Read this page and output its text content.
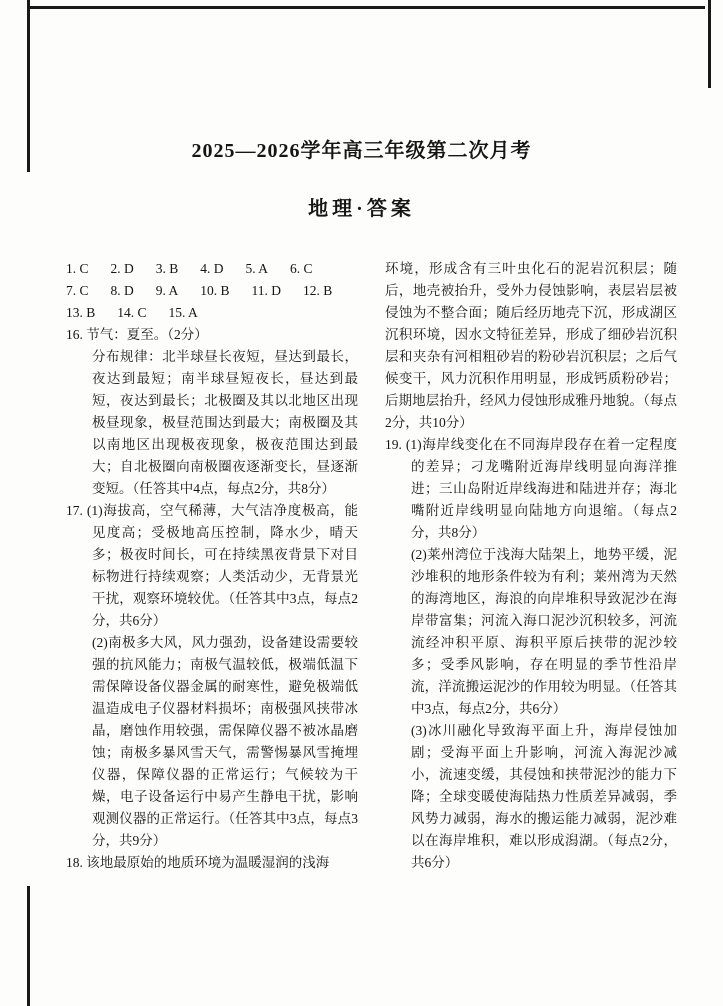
2025—2026学年高三年级第二次月考
地理·答案
1. C 2. D 3. B 4. D 5. A 6. C
7. C 8. D 9. A 10. B 11. D 12. B
13. B 14. C 15. A

16. 节气：夏至。（2分）

分布规律：北半球昼长夜短，昼达到最长，夜达到最短；南半球昼短夜长，昼达到最短，夜达到最长；北极圈及其以北地区出现极昼现象，极昼范围达到最大；南极圈及其以南地区出现极夜现象，极夜范围达到最大；自北极圈向南极圈夜逐渐变长，昼逐渐变短。（任答其中4点，每点2分，共8分）

17. (1)海拔高，空气稀薄，大气洁净度极高，能见度高；受极地高压控制，降水少，晴天多；极夜时间长，可在持续黑夜背景下对目标物进行持续观察；人类活动少，无背景光干扰，观察环境较优。（任答其中3点，每点2分，共6分）

(2)南极多大风，风力强劲，设备建设需要较强的抗风能力；南极气温较低，极端低温下需保障设备仪器金属的耐寒性，避免极端低温造成电子仪器材料损坏；南极强风挟带冰晶，磨蚀作用较强，需保障仪器不被冰晶磨蚀；南极多暴风雪天气，需警惕暴风雪掩埋仪器，保障仪器的正常运行；气候较为干燥，电子设备运行中易产生静电干扰，影响观测仪器的正常运行。（任答其中3点，每点3分，共9分）

18. 该地最原始的地质环境为温暖湿润的浅海

环境，形成含有三叶虫化石的泥岩沉积层；随后，地壳被抬升，受外力侵蚀影响，表层岩层被侵蚀为不整合面；随后经历地壳下沉，形成湖区沉积环境，因水文特征差异，形成了细砂岩沉积层和夹杂有河相粗砂岩的粉砂岩沉积层；之后气候变干，风力沉积作用明显，形成钙质粉砂岩；后期地层抬升，经风力侵蚀形成雅丹地貌。（每点2分，共10分）

19. (1)海岸线变化在不同海岸段存在着一定程度的差异；刁龙嘴附近海岸线明显向海洋推进；三山岛附近岸线海进和陆进并存；海北嘴附近岸线明显向陆地方向退缩。（每点2分，共8分）

(2)莱州湾位于浅海大陆架上，地势平缓，泥沙堆积的地形条件较为有利；莱州湾为天然的海湾地区，海浪的向岸堆积导致泥沙在海岸带富集；河流入海口泥沙沉积较多，河流流经冲积平原、海积平原后挟带的泥沙较多；受季风影响，存在明显的季节性沿岸流，洋流搬运泥沙的作用较为明显。（任答其中3点，每点2分，共6分）

(3)冰川融化导致海平面上升，海岸侵蚀加剧；受海平面上升影响，河流入海泥沙减小，流速变缓，其侵蚀和挟带泥沙的能力下降；全球变暖使海陆热力性质差异减弱，季风势力减弱，海水的搬运能力减弱，泥沙难以在海岸堆积，难以形成潟湖。（每点2分，共6分）
